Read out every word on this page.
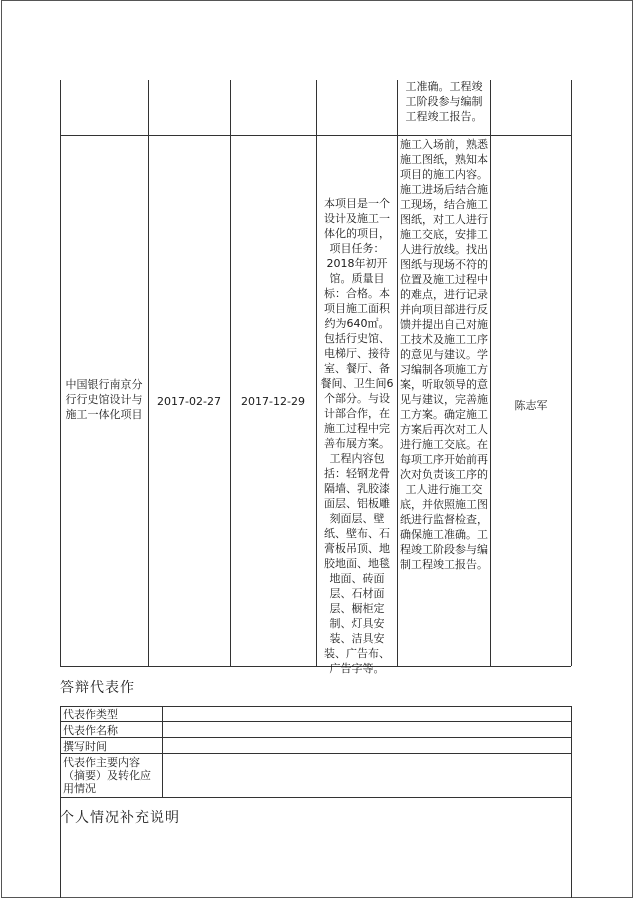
工准确。工程竣工阶段参与编制工程竣工报告。
中国银行南京分行行史馆设计与施工一体化项目
2017-02-27	2017-12-29
本项目是一个设计及施工一体化的项目，项目任务：2018年初开馆。质量目标：合格。本项目施工面积约为640㎡。包括行史馆、电梯厅、接待室、餐厅、备餐间、卫生间6个部分。与设计部合作，在施工过程中完善布展方案。工程内容包括：轻钢龙骨隔墙、乳胶漆面层、铝板雕刻面层、壁纸、壁布、石膏板吊顶、地胶地面、地毯地面、砖面层、石材面层、橱柜定制、灯具安装、洁具安装、广告布、广告字等。
施工入场前，熟悉施工图纸，熟知本项目的施工内容。施工进场后结合施工现场，结合施工图纸，对工人进行施工交底，安排工人进行放线。找出图纸与现场不符的位置及施工过程中的难点，进行记录并向项目部进行反馈并提出自己对施工技术及施工工序的意见与建议。学习编制各项施工方案，听取领导的意见与建议，完善施工方案。确定施工方案后再次对工人进行施工交底。在每项工序开始前再次对负责该工序的工人进行施工交底，并依照施工图纸进行监督检查，确保施工准确。工程竣工阶段参与编制工程竣工报告。
陈志军
答辩代表作
代表作类型
代表作名称
撰写时间
代表作主要内容（摘要）及转化应用情况
个人情况补充说明
